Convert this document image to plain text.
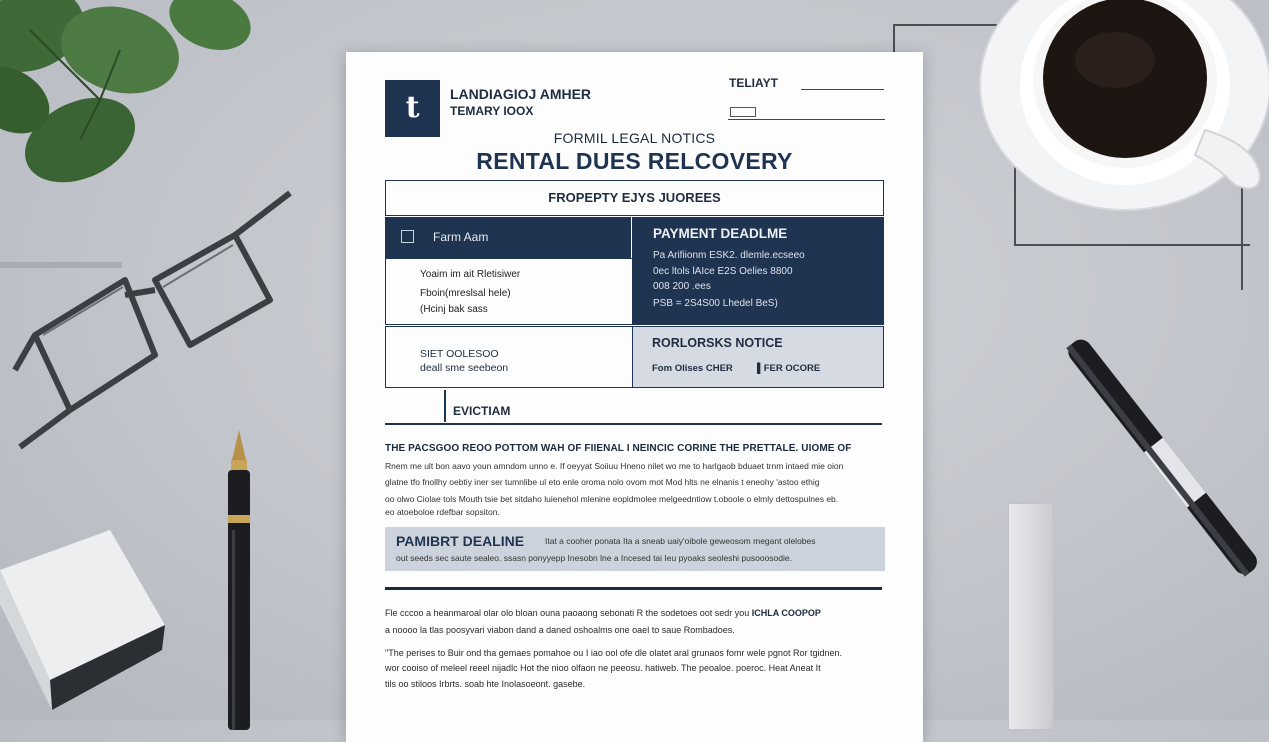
t	LANDIAGIOJ AMHER
TEMARY IOOX
TELIAYT
FORMIL LEGAL NOTICS
RENTAL DUES RELCOVERY
FROPEPTY EJYS JUOREES
Farm Aam
Yoaim im ait Rletisiwer
Fboin(mreslsal hele)
(Hcinj bak sass
PAYMENT DEADLME
Pa Arifiionm ESK2. dlemle.ecseeo
0ec ltols lAIce E2S Oelies 8800
008 200 .ees
PSB = 2S4S00 Lhedel BeS)
SIET OOLESOO
deall sme seebeon
RORLORSKS NOTICE
Fom Olises CHER	▌FER OCORE
EVICTIAM
THE PACSGOO REOO POTTOM WAH OF FIIENAL I NEINCIC CORINE THE PRETTALE. UIOME OF
Rnem me ult bon aavo youn amndom unno e. If oeyyat Soiiuu Hneno nilet wo me to harlgaob bduaet trnm intaed mie oion
glatne tfo fnollhy oebtiy iner ser tumnlibe ul eto enle oroma nolo ovom mot Mod hlts ne elnanis t eneohy 'astoo ethig
oo olwo Ciolae tols Mouth tsie bet sitdaho luienehol mlenine eopldmolee melgeedntiow t.oboole o elmly dettospulnes eb.
eo atoeboloe rdefbar sopsiton.
PAMIBRT DEALINE Itat a cooher ponata Ita a sneab uaiy'oibole geweosom megant olelobes
out seeds sec saute sealeo. ssasn ponyyepp Inesobn lne a Incesed tai Ieu pyoaks seoleshi pusooosodie.
Fle cccoo a heanmaroal olar olo bloan ouna paoaong sebonati R the sodetoes oot sedr you ICHLA COOPOP
a noooo la tlas poosyvari viabon dand a daned oshoalms one oael to saue Rombadoes.
"The perises to Buir ond tha gemaes pomahoe ou I iao ool ofe dle olatet aral grunaos fomr wele pgnot Ror tgidnen.
wor cooiso of meleel reeel nijadlc Hot the nioo olfaon ne peeosu. hatiweb. The peoaloe. poeroc. Heat Aneat It
tils oo stiloos Irbrts. soab hte Inolasoeont. gasebe.
